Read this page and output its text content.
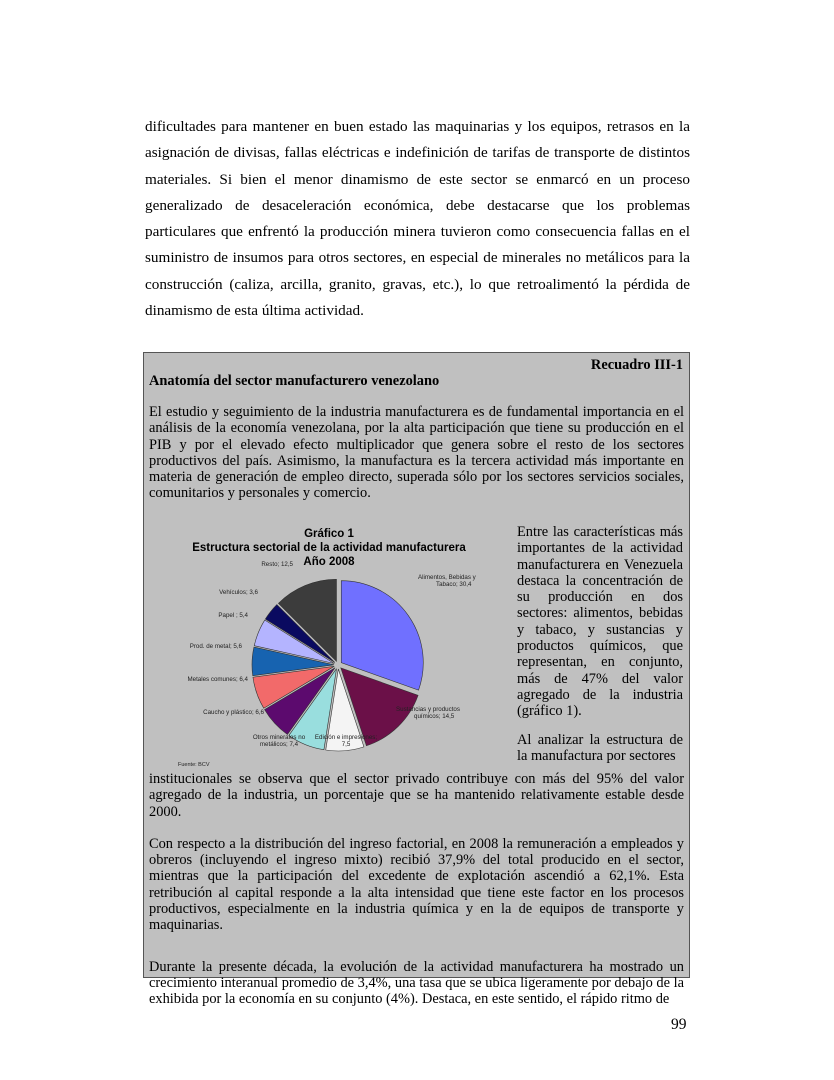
dificultades para mantener en buen estado las maquinarias y los equipos, retrasos en la asignación de divisas, fallas eléctricas e indefinición de tarifas de transporte de distintos materiales. Si bien el menor dinamismo de este sector se enmarcó en un proceso generalizado de desaceleración económica, debe destacarse que los problemas particulares que enfrentó la producción minera tuvieron como consecuencia fallas en el suministro de insumos para otros sectores, en especial de minerales no metálicos para la construcción (caliza, arcilla, granito, gravas, etc.), lo que retroalimentó la pérdida de dinamismo de esta última actividad.

Recuadro III-1
Anatomía del sector manufacturero venezolano

El estudio y seguimiento de la industria manufacturera es de fundamental importancia en el análisis de la economía venezolana, por la alta participación que tiene su producción en el PIB y por el elevado efecto multiplicador que genera sobre el resto de los sectores productivos del país. Asimismo, la manufactura es la tercera actividad más importante en materia de generación de empleo directo, superada sólo por los sectores servicios sociales, comunitarios y personales y comercio.

Gráfico 1
Estructura sectorial de la actividad manufacturera
Año 2008
Alimentos, Bebidas y Tabaco; 30,4
Sustancias y productos químicos; 14,5
Edición e impresiones; 7,5
Otros minerales no metálicos; 7,4
Caucho y plástico; 6,6
Metales comunes; 6,4
Prod. de metal; 5,6
Papel ; 5,4
Vehículos; 3,6
Resto; 12,5
Fuente: BCV

Entre las características más importantes de la actividad manufacturera en Venezuela destaca la concentración de su producción en dos sectores: alimentos, bebidas y tabaco, y sustancias y productos químicos, que representan, en conjunto, más de 47% del valor agregado de la industria (gráfico 1).

Al analizar la estructura de la manufactura por sectores

institucionales se observa que el sector privado contribuye con más del 95% del valor agregado de la industria, un porcentaje que se ha mantenido relativamente estable desde 2000.

Con respecto a la distribución del ingreso factorial, en 2008 la remuneración a empleados y obreros (incluyendo el ingreso mixto) recibió 37,9% del total producido en el sector, mientras que la participación del excedente de explotación ascendió a 62,1%. Esta retribución al capital responde a la alta intensidad que tiene este factor en los procesos productivos, especialmente en la industria química y en la de equipos de transporte y maquinarias.

Durante la presente década, la evolución de la actividad manufacturera ha mostrado un crecimiento interanual promedio de 3,4%, una tasa que se ubica ligeramente por debajo de la exhibida por la economía en su conjunto (4%). Destaca, en este sentido, el rápido ritmo de

99
